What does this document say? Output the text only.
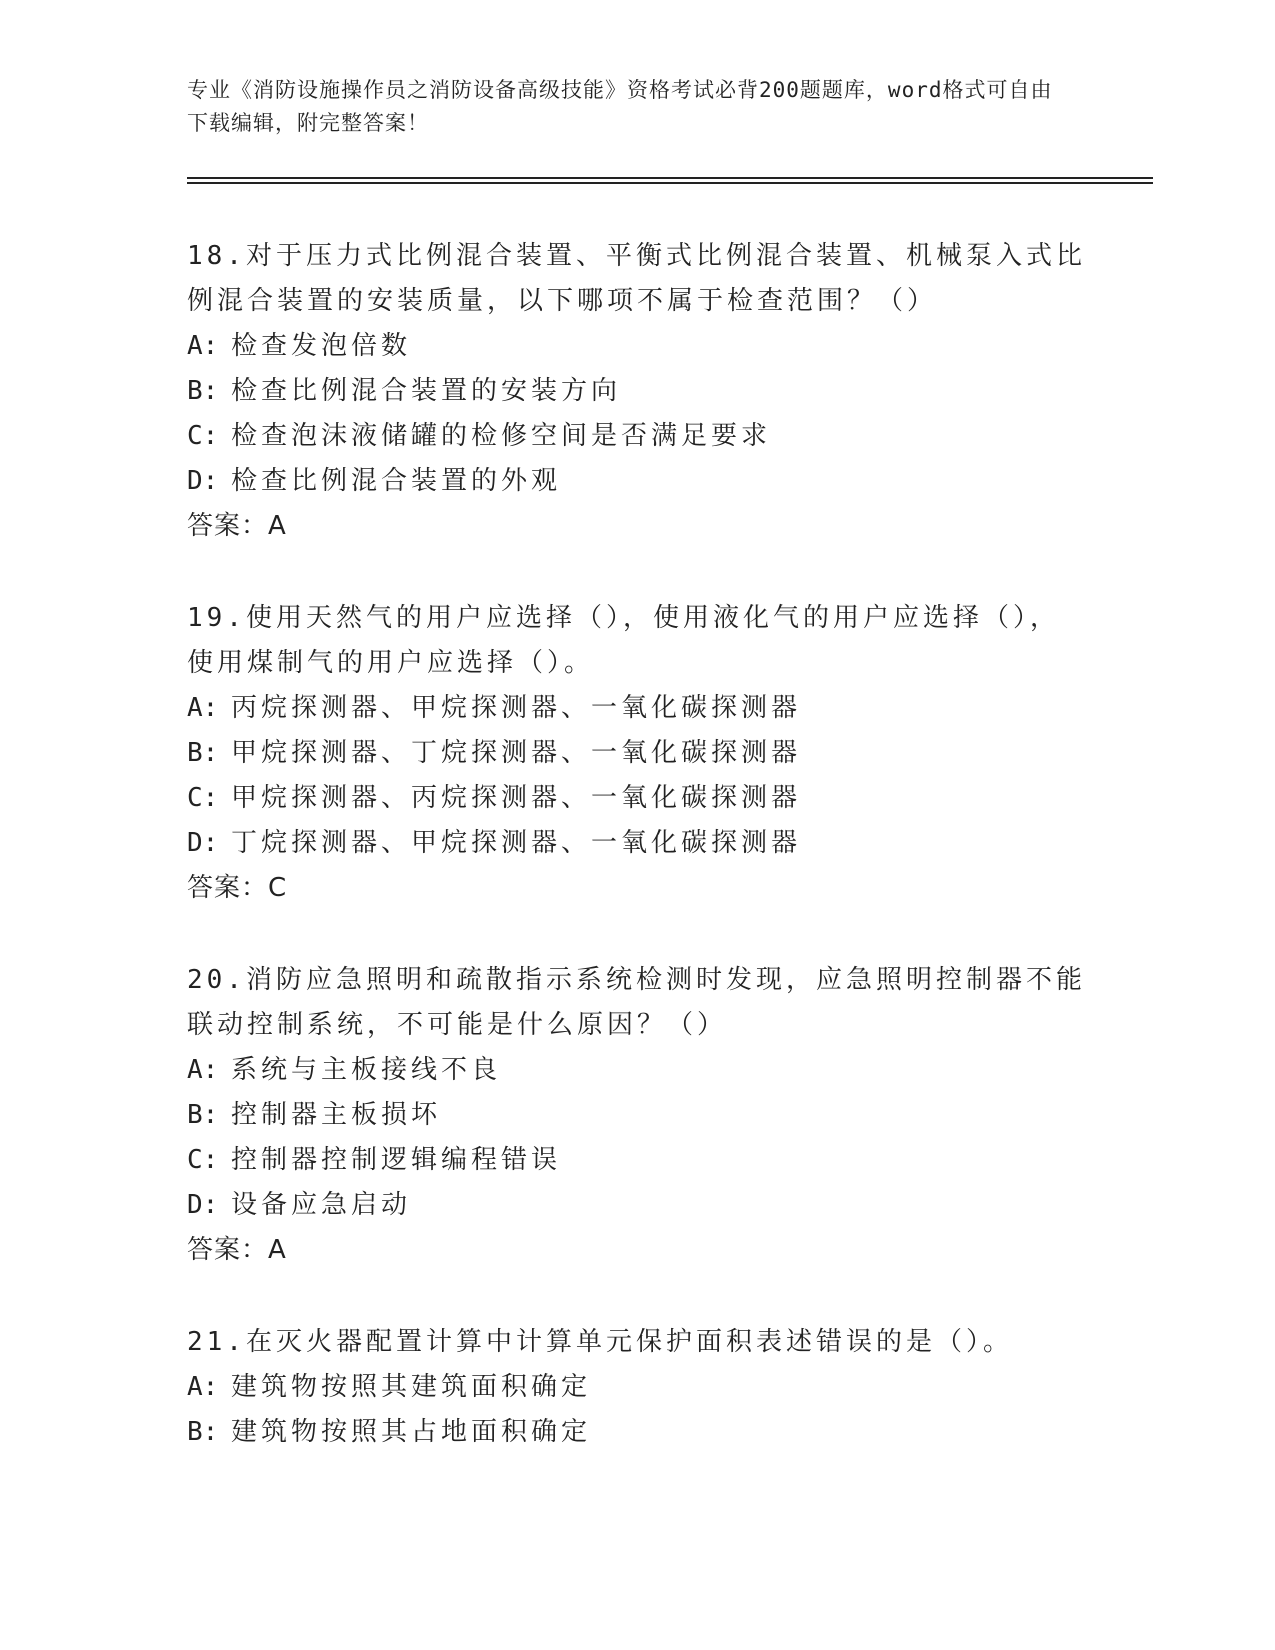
专业《消防设施操作员之消防设备高级技能》资格考试必背200题题库，word格式可自由下载编辑，附完整答案！

18.对于压力式比例混合装置、平衡式比例混合装置、机械泵入式比例混合装置的安装质量，以下哪项不属于检查范围？（）

A: 检查发泡倍数

B: 检查比例混合装置的安装方向

C: 检查泡沫液储罐的检修空间是否满足要求

D: 检查比例混合装置的外观

答案：A

19.使用天然气的用户应选择（），使用液化气的用户应选择（），使用煤制气的用户应选择（）。

A: 丙烷探测器、甲烷探测器、一氧化碳探测器

B: 甲烷探测器、丁烷探测器、一氧化碳探测器

C: 甲烷探测器、丙烷探测器、一氧化碳探测器

D: 丁烷探测器、甲烷探测器、一氧化碳探测器

答案：C

20.消防应急照明和疏散指示系统检测时发现，应急照明控制器不能联动控制系统，不可能是什么原因？（）

A: 系统与主板接线不良

B: 控制器主板损坏

C: 控制器控制逻辑编程错误

D: 设备应急启动

答案：A

21.在灭火器配置计算中计算单元保护面积表述错误的是（）。

A: 建筑物按照其建筑面积确定

B: 建筑物按照其占地面积确定
